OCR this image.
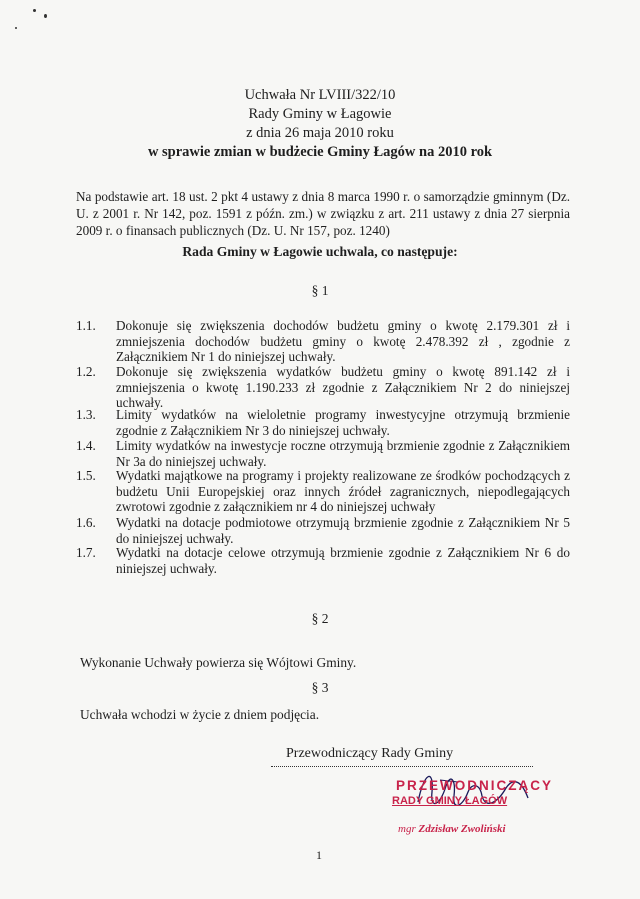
Uchwała Nr LVIII/322/10
Rady Gminy w Łagowie
z dnia 26 maja 2010 roku
w sprawie zmian w budżecie Gminy Łagów na 2010 rok
Na podstawie art. 18 ust. 2 pkt 4 ustawy z dnia 8 marca 1990 r. o samorządzie gminnym (Dz. U. z 2001 r. Nr 142, poz. 1591 z późn. zm.) w związku z art. 211 ustawy z dnia 27 sierpnia 2009 r. o finansach publicznych (Dz. U. Nr 157, poz. 1240)
Rada Gminy w Łagowie uchwala, co następuje:
§ 1
1.1.	Dokonuje się zwiększenia dochodów budżetu gminy o kwotę 2.179.301 zł i zmniejszenia dochodów budżetu gminy o kwotę 2.478.392 zł , zgodnie z Załącznikiem Nr 1 do niniejszej uchwały.
1.2.	Dokonuje się zwiększenia wydatków budżetu gminy o kwotę 891.142 zł i zmniejszenia o kwotę 1.190.233 zł zgodnie z Załącznikiem Nr 2 do niniejszej uchwały.
1.3.	Limity wydatków na wieloletnie programy inwestycyjne otrzymują brzmienie zgodnie z Załącznikiem Nr 3 do niniejszej uchwały.
1.4.	Limity wydatków na inwestycje roczne otrzymują brzmienie zgodnie z Załącznikiem Nr 3a do niniejszej uchwały.
1.5.	Wydatki majątkowe na programy i projekty realizowane ze środków pochodzących z budżetu Unii Europejskiej oraz innych źródeł zagranicznych, niepodlegających zwrotowi zgodnie z załącznikiem nr 4 do niniejszej uchwały
1.6.	Wydatki na dotacje podmiotowe otrzymują brzmienie zgodnie z Załącznikiem Nr 5 do niniejszej uchwały.
1.7.	Wydatki na dotacje celowe otrzymują brzmienie zgodnie z Załącznikiem Nr 6 do niniejszej uchwały.
§ 2
Wykonanie Uchwały powierza się Wójtowi Gminy.
§ 3
Uchwała wchodzi w życie z dniem podjęcia.
Przewodniczący Rady Gminy
PRZEWODNICZĄCY
RADY GMINY ŁAGÓW
mgr Zdzisław Zwoliński
1
